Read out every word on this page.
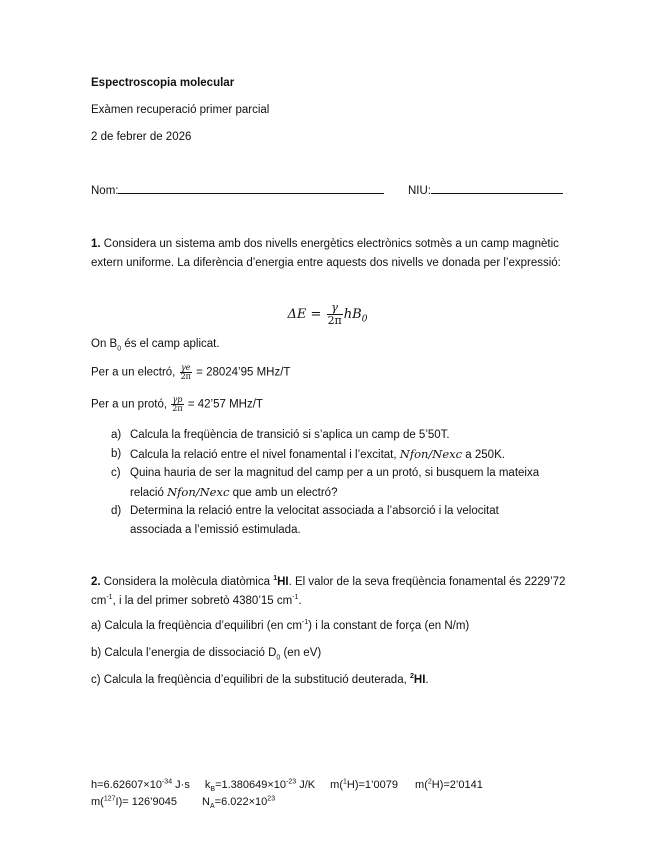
Espectroscopia molecular
Exàmen recuperació primer parcial
2 de febrer de 2026
Nom:	NIU:
1. Considera un sistema amb dos nivells energètics electrònics sotmès a un camp magnètic extern uniforme. La diferència d’energia entre aquests dos nivells ve donada per l’expressió:
$\Delta E = \frac{\gamma}{2\pi} hB_0$
On $B_0$ és el camp aplicat.
Per a un electró, $\frac{\gamma e}{2\pi}$ = 28024’95 MHz/T
Per a un protó, $\frac{\gamma p}{2\pi}$ = 42’57 MHz/T
a) Calcula la freqüència de transició si s’aplica un camp de 5’50T.
b) Calcula la relació entre el nivel fonamental i l’excitat, Nfon/Nexc a 250K.
c) Quina hauria de ser la magnitud del camp per a un protó, si busquem la mateixa relació Nfon/Nexc que amb un electró?
d) Determina la relació entre la velocitat associada a l’absorció i la velocitat associada a l’emissió estimulada.
2. Considera la molècula diatòmica $^1$HI. El valor de la seva freqüència fonamental és 2229’72 $cm^{-1}$, i la del primer sobretò 4380’15 $cm^{-1}$.
a) Calcula la freqüència d’equilibri (en $cm^{-1}$) i la constant de força (en N/m)
b) Calcula l’energia de dissociació $D_0$ (en eV)
c) Calcula la freqüència d’equilibri de la substitució deuterada, $^2$HI.
$h=6.62607\times 10^{-34}$ J·s $k_B=1.380649\times 10^{-23}$ J/K m($^1$H)=1’0079 m($^2$H)=2’0141
m($^{127}$I)= 126’9045 $N_A=6.022\times 10^{23}$
